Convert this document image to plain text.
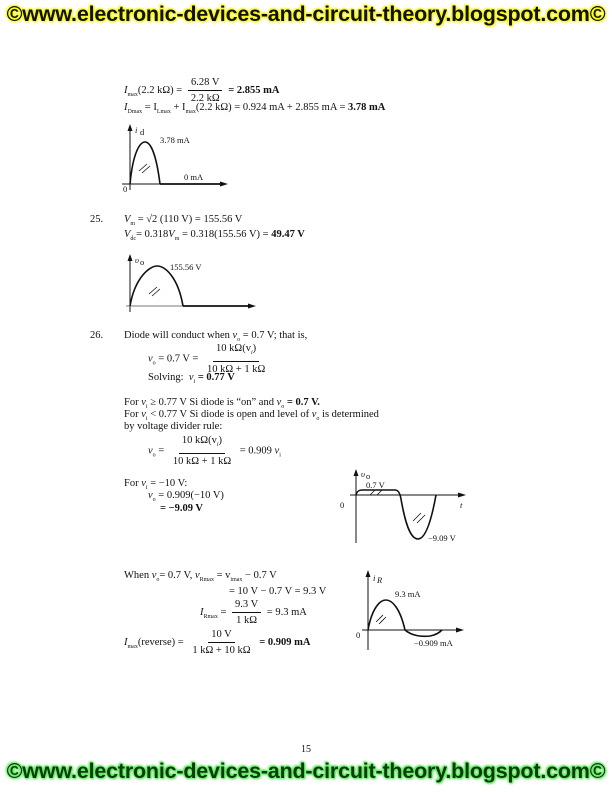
©www.electronic-devices-and-circuit-theory.blogspot.com©
$I_{max}(2.2$ $k\Omega) = \frac{6.28 V}{2.2 k\Omega} = 2.855$ mA
$I_{Dmax} = I_{Lmax} + I_{max}(2.2$ kΩ) = 0.924 mA + 2.855 mA = 3.78 mA
i d
3.78 mA
0 mA
0
25. $V_m = √2$ (110 V) = 155.56 V
$V_{dc}= 0.318V_m = 0.318(155.56$ V) = 49.47 V
υ o	155.56 V
26. Diode will conduct when $v_o = 0.7$ V; that is,
$v_o = 0.7$ $V = \frac{10 k\Omega(v_i)}{10 k\Omega + 1 k\Omega}$
Solving: $v_i = 0.77$ V
For $v_i \ge 0.77$ V Si diode is “on” and $v_o = 0.7$ V.
For $v_i < 0.77$ V Si diode is open and level of $v_o$ is determined
by voltage divider rule:
$v_o = \frac{10 k\Omega(v_i)}{10 k\Omega + 1 k\Omega} = 0.909$ $v_i$
For $v_i = -10$ V:
$v_o = 0.909(-10$ V)
= −9.09 V
υ o
0.7 V
0	t
−9.09 V
When $v_o= 0.7$ V, $v_{Rmax} = v_{imax} - 0.7$ V
= 10 V − 0.7 V = 9.3 V
$I_{Rmax} = \frac{9.3 V}{1 k\Omega} = 9.3$ mA
$I_{max}(reverse) = \frac{10 V}{1 k\Omega + 10 k\Omega} = 0.909$ mA
i R
9.3 mA
0
−0.909 mA
15
©www.electronic-devices-and-circuit-theory.blogspot.com©
